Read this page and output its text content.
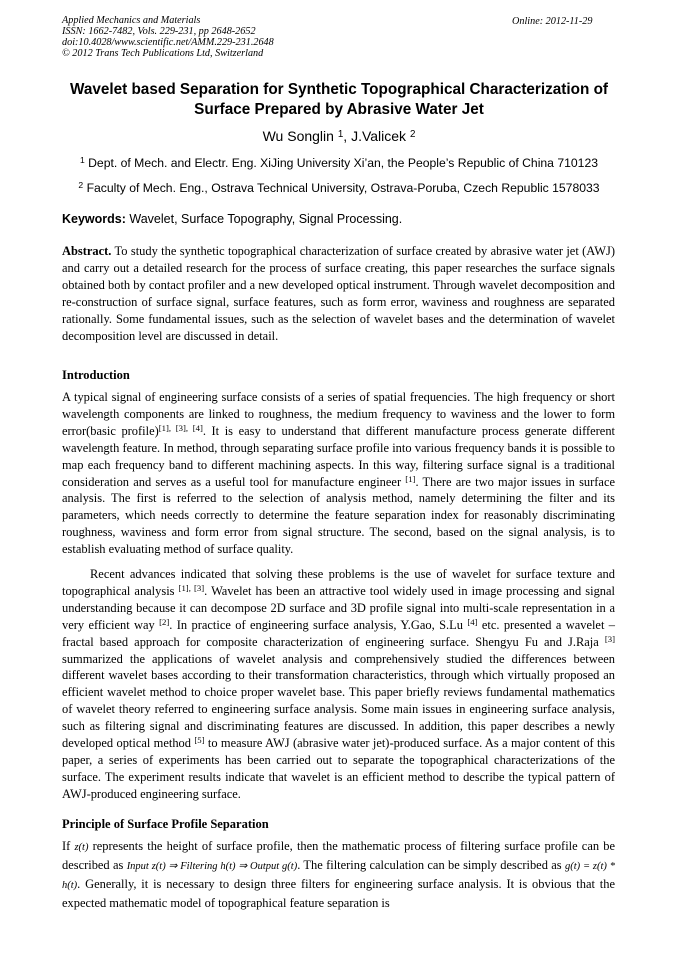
Applied Mechanics and Materials
ISSN: 1662-7482, Vols. 229-231, pp 2648-2652
doi:10.4028/www.scientific.net/AMM.229-231.2648
© 2012 Trans Tech Publications Ltd, Switzerland
Online: 2012-11-29
Wavelet based Separation for Synthetic Topographical Characterization of Surface Prepared by Abrasive Water Jet
Wu Songlin $^1$, J.Valicek $^2$
$^1$ Dept. of Mech. and Electr. Eng. XiJing University Xi’an, the People’s Republic of China 710123
$^2$ Faculty of Mech. Eng., Ostrava Technical University, Ostrava-Poruba, Czech Republic 1578033
Keywords: Wavelet, Surface Topography, Signal Processing.

Abstract. To study the synthetic topographical characterization of surface created by abrasive water jet (AWJ) and carry out a detailed research for the process of surface creating, this paper researches the surface signals obtained both by contact profiler and a new developed optical instrument. Through wavelet decomposition and re-construction of surface signal, surface features, such as form error, waviness and roughness are separated rationally. Some fundamental issues, such as the selection of wavelet bases and the determination of wavelet decomposition level are discussed in detail.

Introduction

A typical signal of engineering surface consists of a series of spatial frequencies. The high frequency or short wavelength components are linked to roughness, the medium frequency to waviness and the lower to form error(basic profile)[1], [3], [4]. It is easy to understand that different manufacture process generate different wavelength feature. In method, through separating surface profile into various frequency bands it is possible to map each frequency band to different machining aspects. In this way, filtering surface signal is a traditional consideration and serves as a useful tool for manufacture engineer [1]. There are two major issues in surface analysis. The first is referred to the selection of analysis method, namely determining the filter and its parameters, which needs correctly to determine the feature separation index for reasonably discriminating roughness, waviness and form error from signal structure. The second, based on the signal analysis, is to establish evaluating method of surface quality.

Recent advances indicated that solving these problems is the use of wavelet for surface texture and topographical analysis [1], [3]. Wavelet has been an attractive tool widely used in image processing and signal understanding because it can decompose 2D surface and 3D profile signal into multi-scale representation in a very efficient way [2]. In practice of engineering surface analysis, Y.Gao, S.Lu [4] etc. presented a wavelet –fractal based approach for composite characterization of engineering surface. Shengyu Fu and J.Raja [3] summarized the applications of wavelet analysis and comprehensively studied the differences between different wavelet bases according to their transformation characteristics, through which virtually proposed an efficient wavelet method to choice proper wavelet base. This paper briefly reviews fundamental mathematics of wavelet theory referred to engineering surface analysis. Some main issues in engineering surface analysis, such as filtering signal and discriminating features are discussed. In addition, this paper describes a newly developed optical method [5] to measure AWJ (abrasive water jet)-produced surface. As a major content of this paper, a series of experiments has been carried out to separate the topographical characterizations of the surface. The experiment results indicate that wavelet is an efficient method to describe the typical pattern of AWJ-produced engineering surface.

Principle of Surface Profile Separation

If z(t) represents the height of surface profile, then the mathematic process of filtering surface profile can be described as Input z(t) ⇒ Filtering h(t) ⇒ Output g(t). The filtering calculation can be simply described as g(t) = z(t) * h(t). Generally, it is necessary to design three filters for engineering surface analysis. It is obvious that the expected mathematic model of topographical feature separation is
